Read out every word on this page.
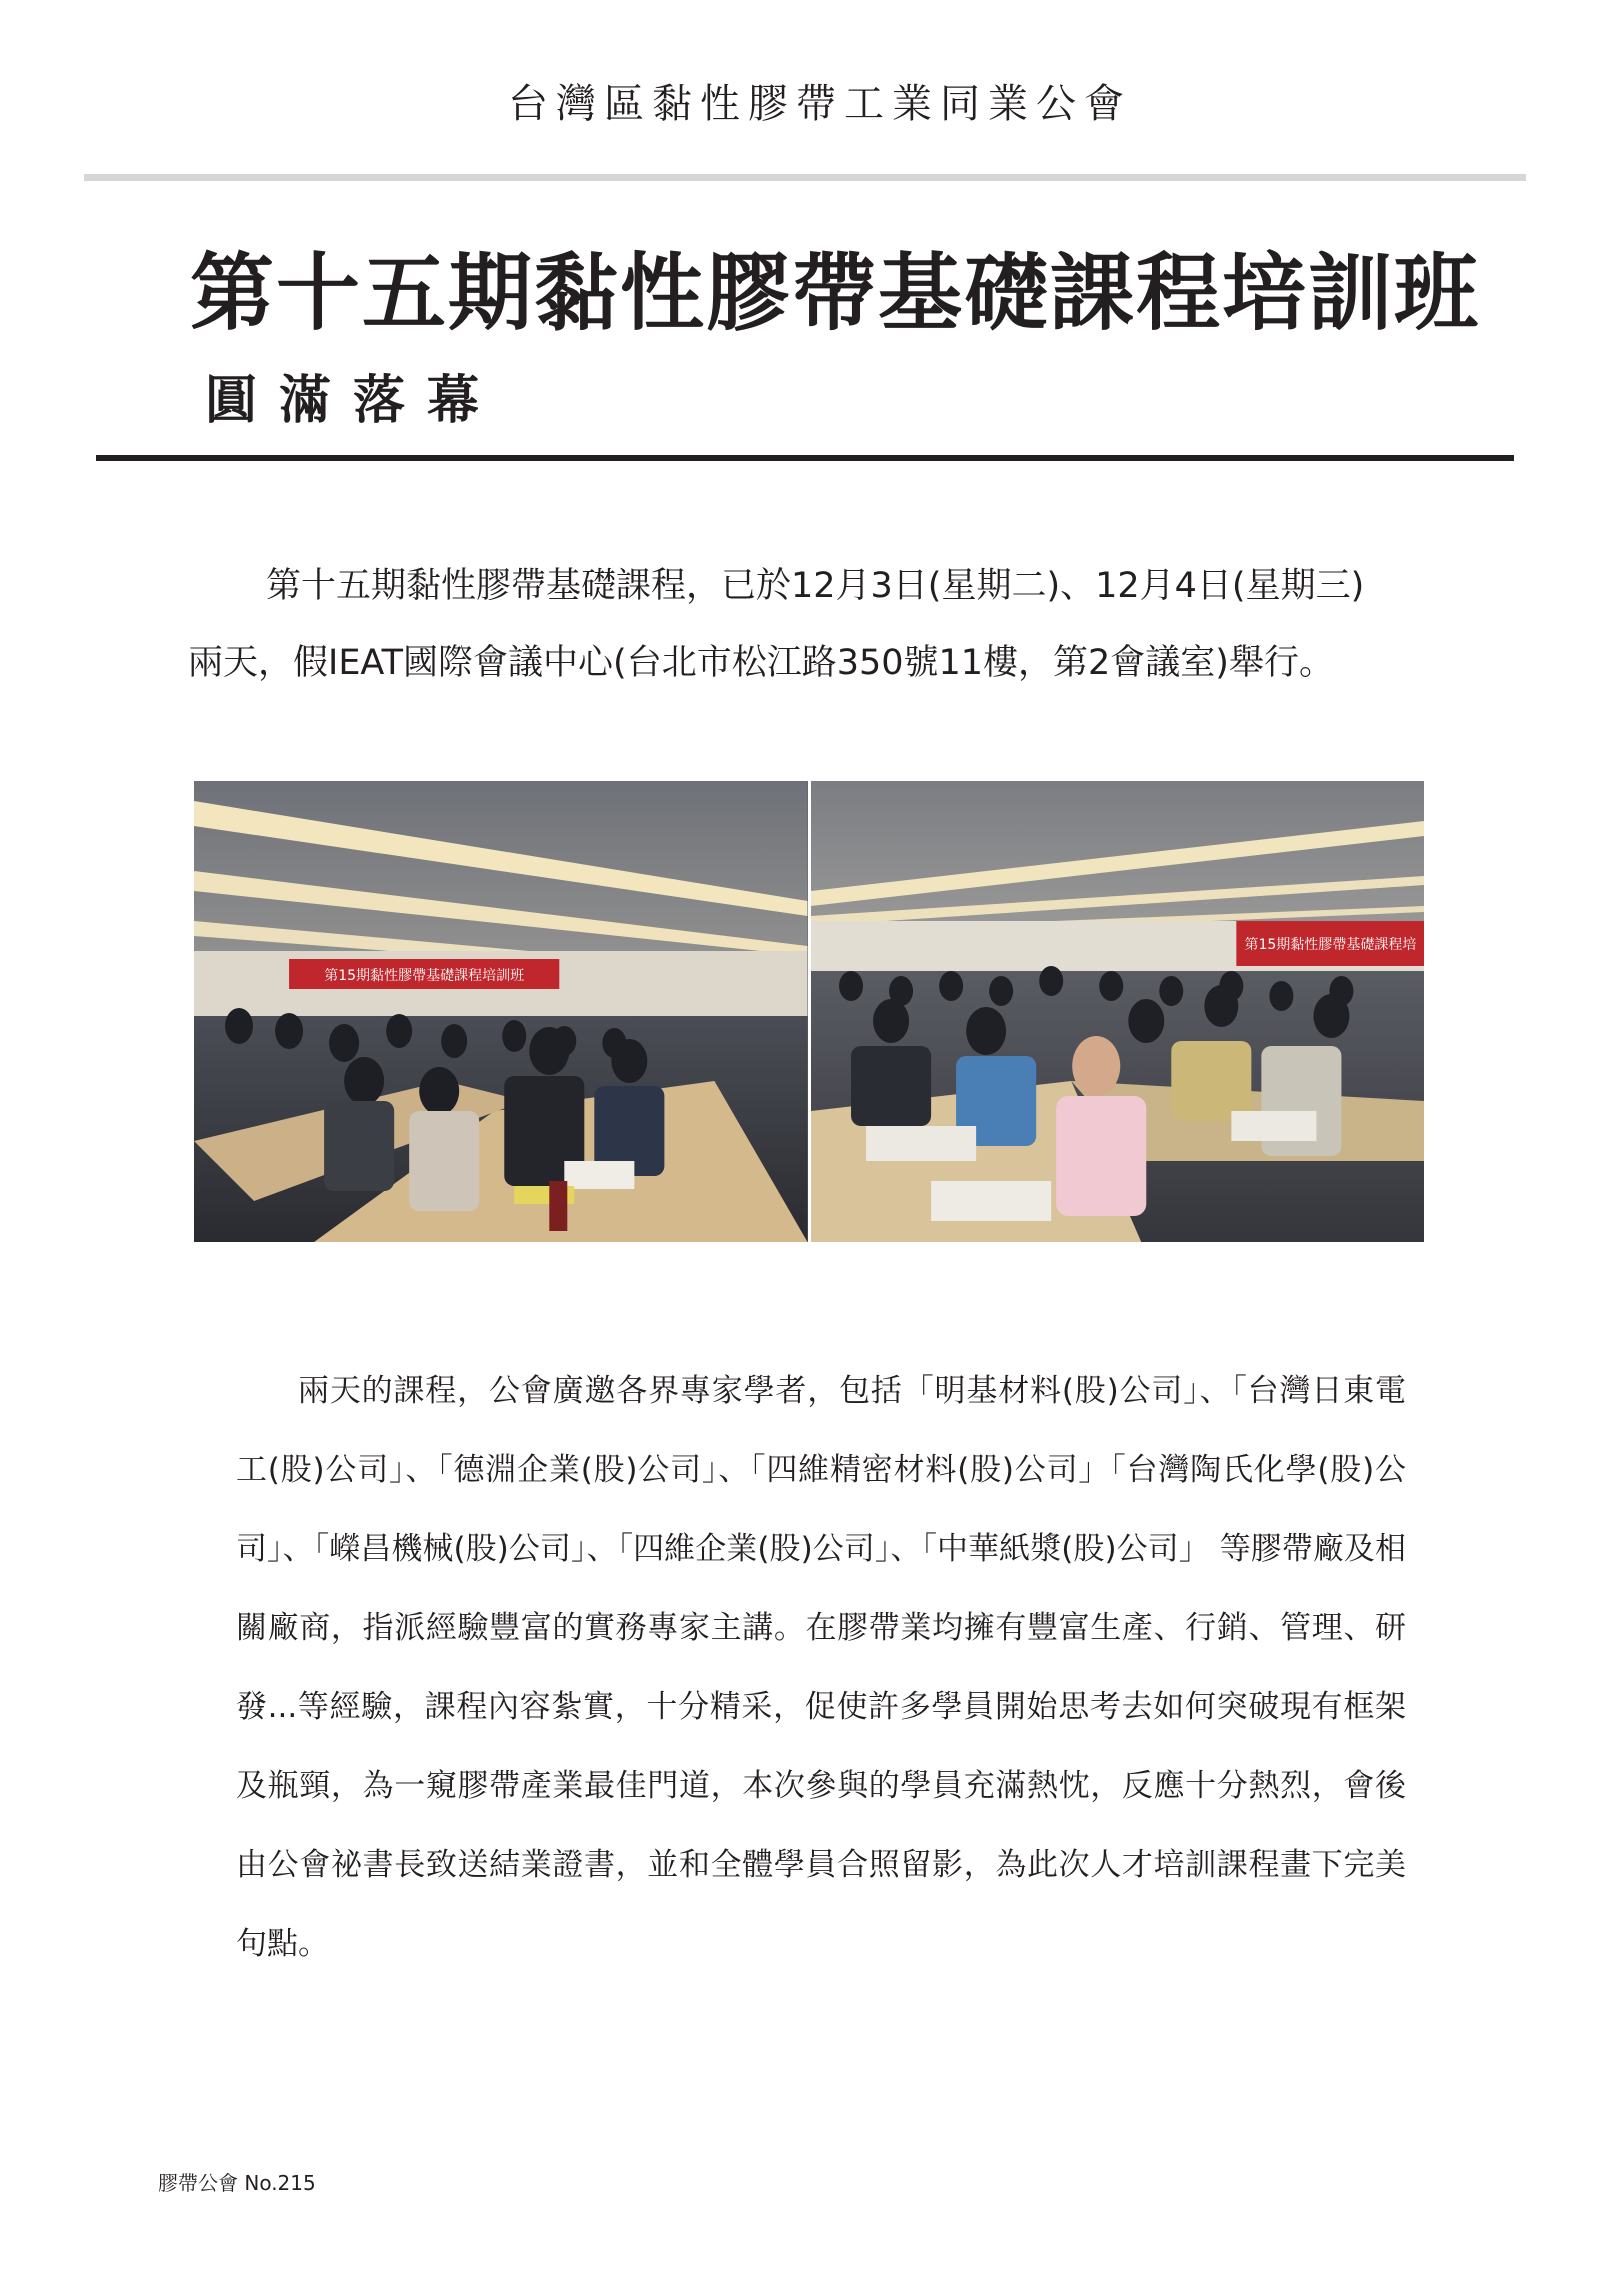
台灣區黏性膠帶工業同業公會
第十五期黏性膠帶基礎課程培訓班
圓滿落幕

第十五期黏性膠帶基礎課程，已於12月3日(星期二)、12月4日(星期三)

兩天，假IEAT國際會議中心(台北市松江路350號11樓，第2會議室)舉行。

第15期黏性膠帶基礎課程培訓班
第15期黏性膠帶基礎課程培

兩天的課程，公會廣邀各界專家學者，包括「明基材料(股)公司」、「台灣日東電工(股)公司」、「德淵企業(股)公司」、「四維精密材料(股)公司」「台灣陶氏化學(股)公司」、「嶸昌機械(股)公司」、「四維企業(股)公司」、「中華紙漿(股)公司」 等膠帶廠及相關廠商，指派經驗豐富的實務專家主講。在膠帶業均擁有豐富生產、行銷、管理、研發...等經驗，課程內容紮實，十分精采，促使許多學員開始思考去如何突破現有框架及瓶頸，為一窺膠帶產業最佳門道，本次參與的學員充滿熱忱，反應十分熱烈，會後由公會祕書長致送結業證書，並和全體學員合照留影，為此次人才培訓課程畫下完美句點。

膠帶公會 No.215
